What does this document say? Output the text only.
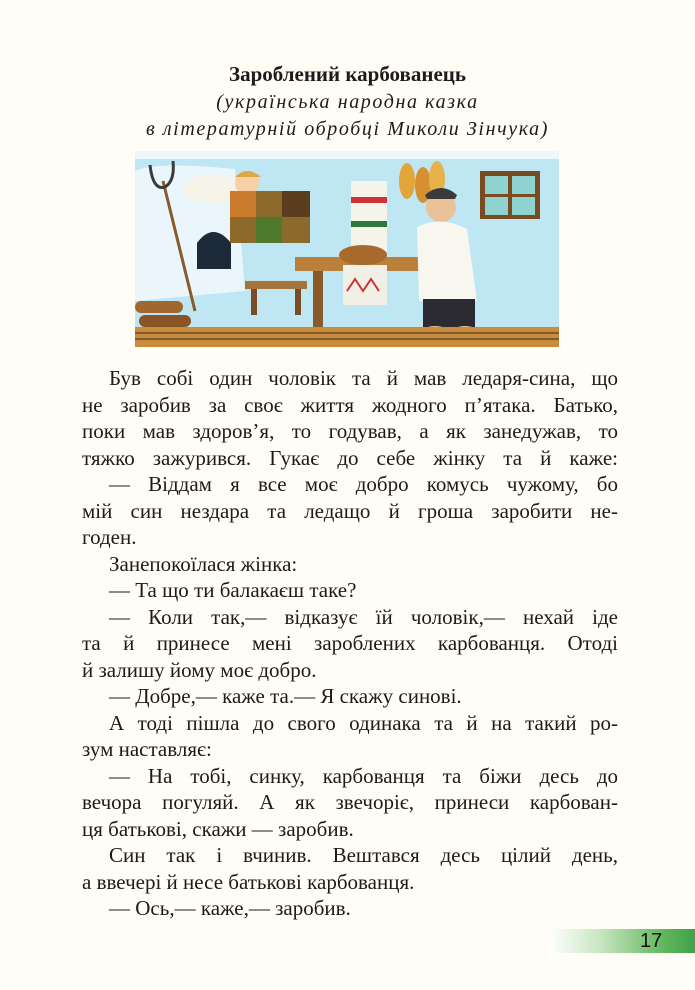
Зароблений карбованець

(українська народна казка

в літературній обробці Миколи Зінчука)

Був собі один чоловік та й мав ледаря-сина, що
не заробив за своє життя жодного п’ятака. Батько,
поки мав здоров’я, то годував, а як занедужав, то
тяжко зажурився. Гукає до себе жінку та й каже:
— Віддам я все моє добро комусь чужому, бо
мій син нездара та ледащо й гроша заробити не-
годен.
Занепокоїлася жінка:
— Та що ти балакаєш таке?
— Коли так,— відказує їй чоловік,— нехай іде
та й принесе мені зароблених карбованця. Отоді
й залишу йому моє добро.
— Добре,— каже та.— Я скажу синові.
А тоді пішла до свого одинака та й на такий ро-
зум наставляє:
— На тобі, синку, карбованця та біжи десь до
вечора погуляй. А як звечоріє, принеси карбован-
ця батькові, скажи — заробив.
Син так і вчинив. Вештався десь цілий день,
а ввечері й несе батькові карбованця.
— Ось,— каже,— заробив.
17
